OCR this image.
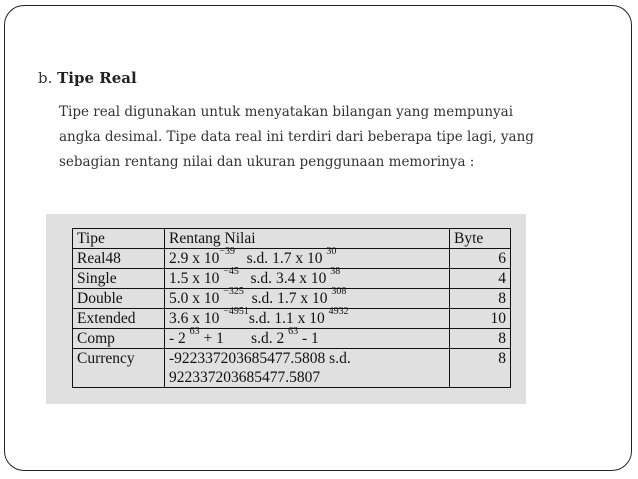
b. Tipe Real
Tipe real digunakan untuk menyatakan bilangan yang mempunyai
angka desimal. Tipe data real ini terdiri dari beberapa tipe lagi, yang
sebagian rentang nilai dan ukuran penggunaan memorinya :
Tipe	Rentang Nilai	Byte
Real48	2.9 x $10^{-39}$ s.d. 1.7 x 10 $^{30}$	6
Single	1.5 x 10 $^{-45}$ s.d. 3.4 x 10 $^{38}$	4
Double	5.0 x 10 $^{-325}$ s.d. 1.7 x 10 $^{308}$	8
Extended	3.6 x 10 $^{-4951}$s.d. 1.1 x 10 $^{4932}$	10
Comp	- 2 $^{63}$ + 1 s.d. 2 $^{63}$ - 1	8
Currency	-922337203685477.5808 s.d.
922337203685477.5807	8
